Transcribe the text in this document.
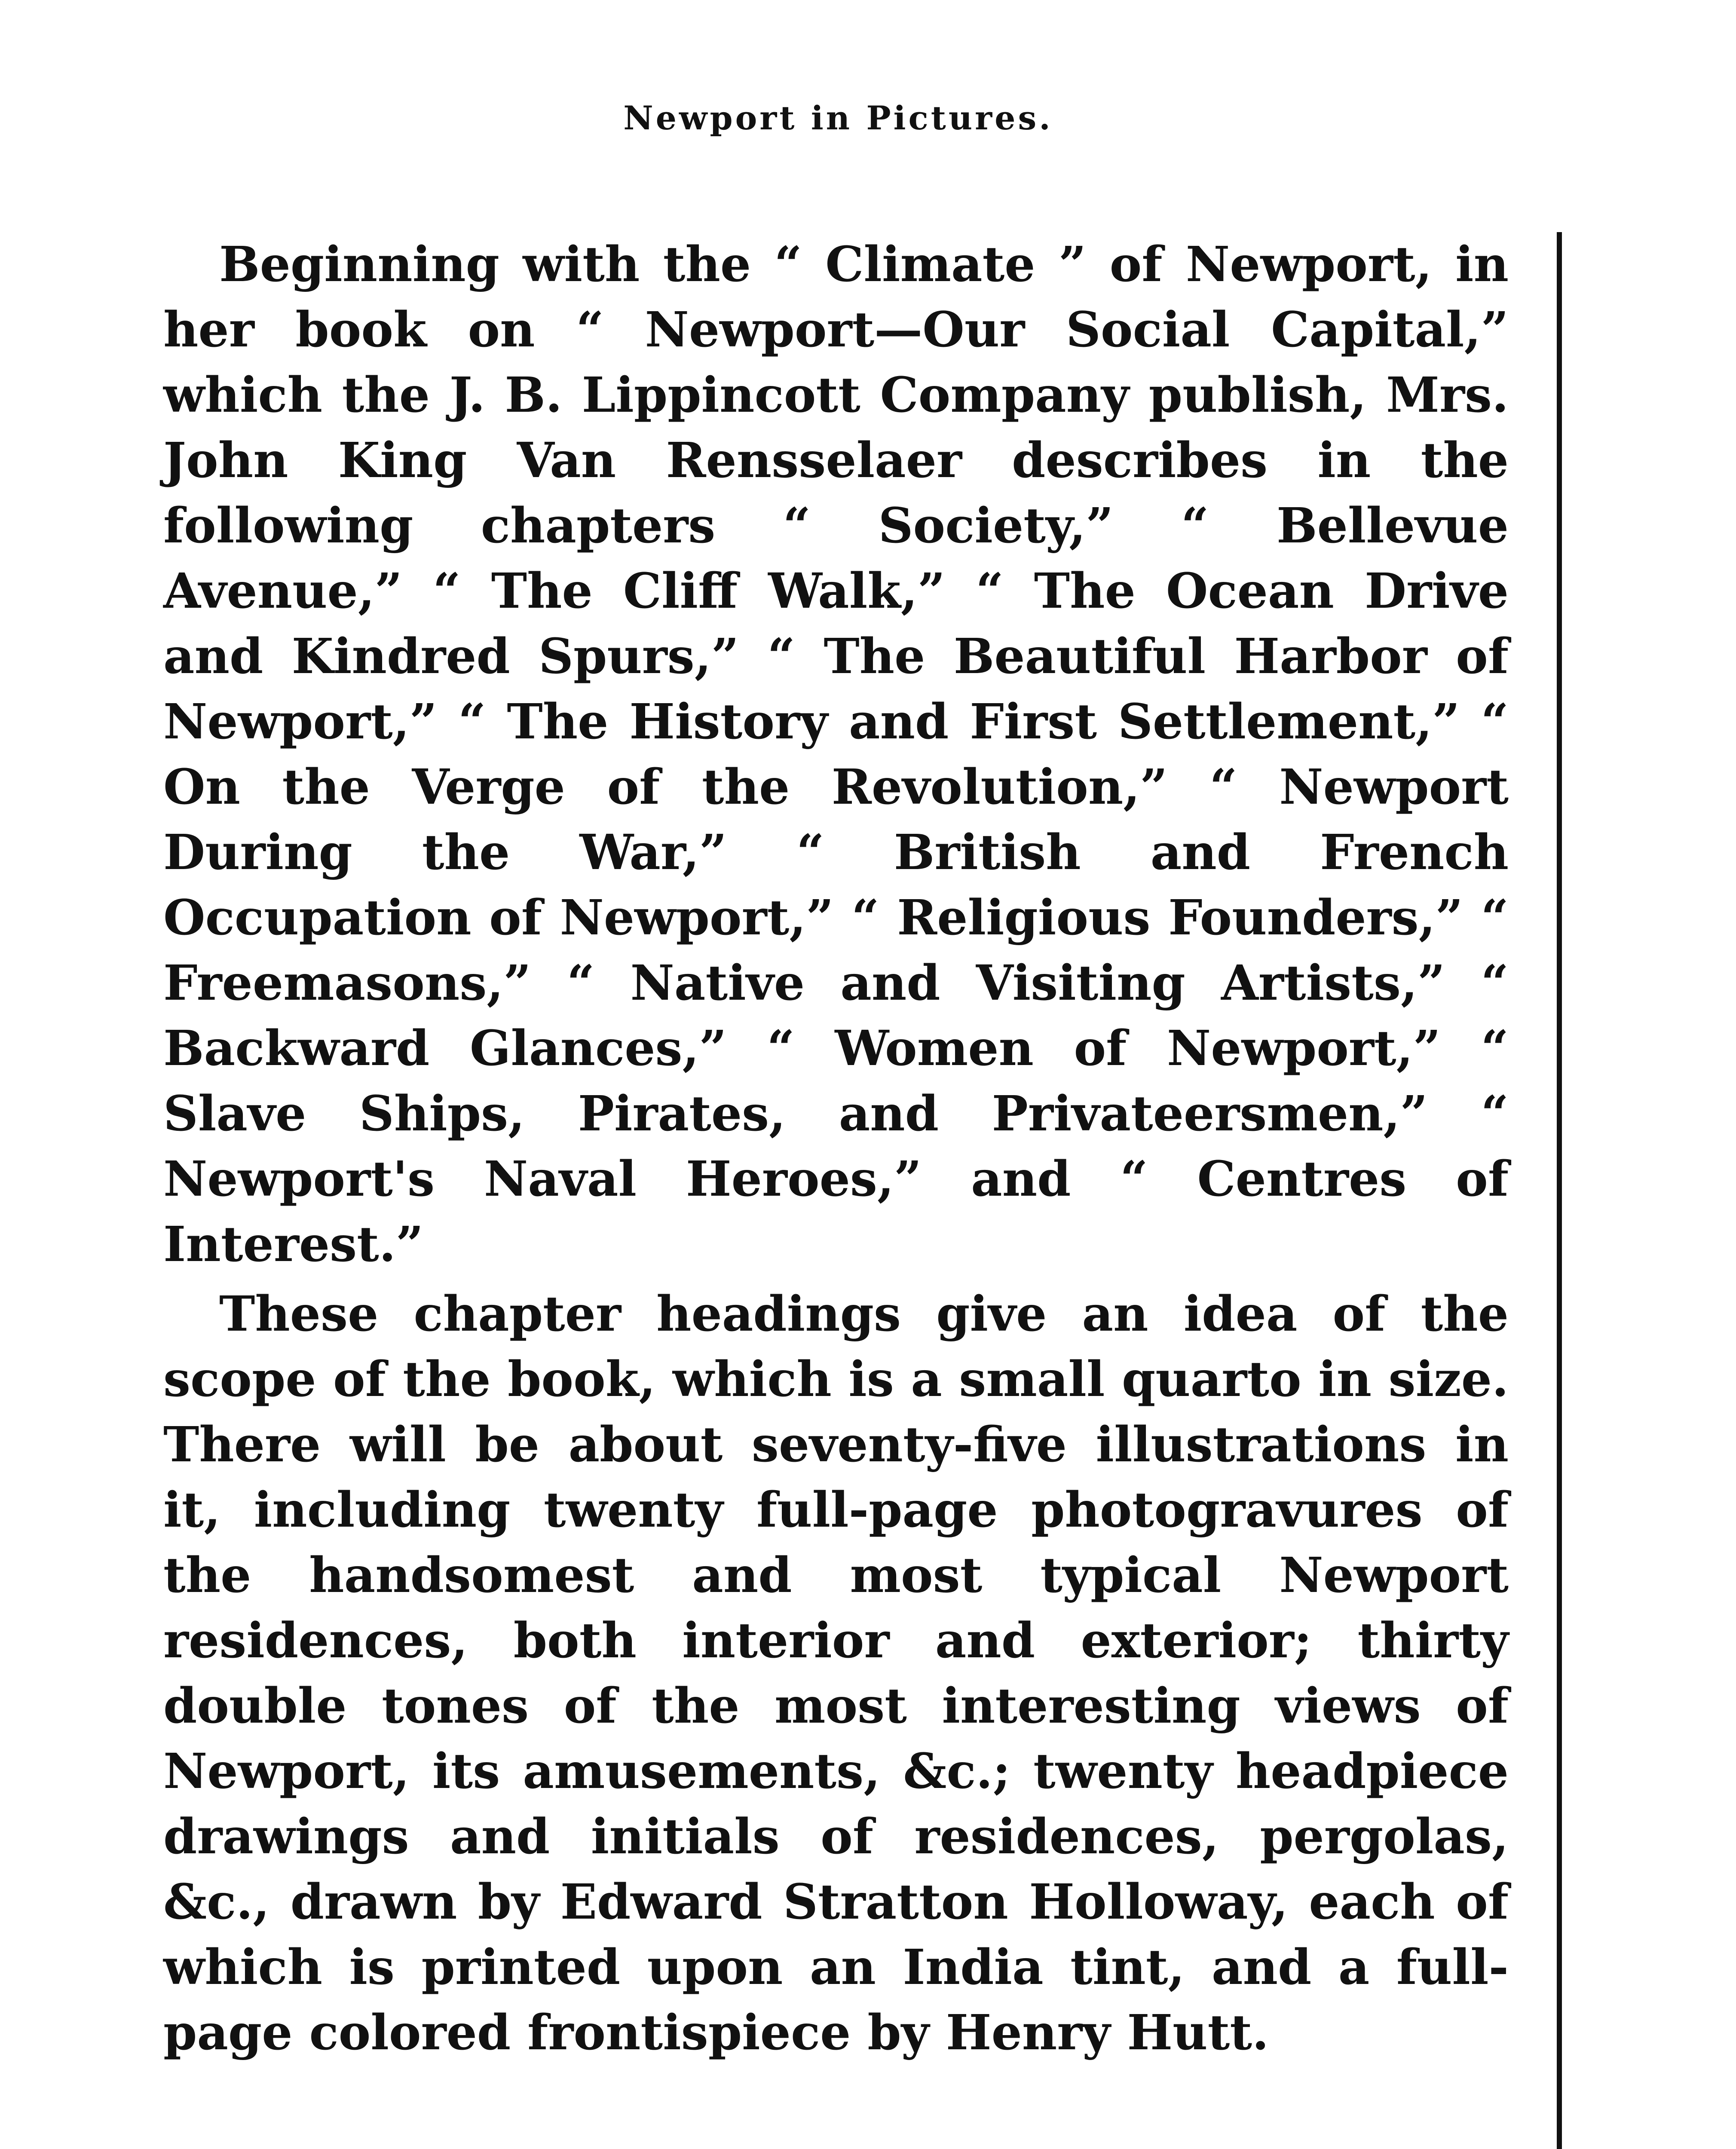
Newport in Pictures.

Beginning with the “ Climate ” of Newport, in her book on “ Newport—Our Social Capital,” which the J. B. Lippincott Company publish, Mrs. John King Van Rensselaer describes in the following chapters “ Society,” “ Bellevue Avenue,” “ The Cliff Walk,” “ The Ocean Drive and Kindred Spurs,” “ The Beautiful Harbor of Newport,” “ The History and First Settlement,” “ On the Verge of the Revolution,” “ Newport During the War,” “ British and French Occupation of Newport,” “ Religious Founders,” “ Freemasons,” “ Native and Visiting Artists,” “ Backward Glances,” “ Women of Newport,” “ Slave Ships, Pirates, and Privateersmen,” “ Newport's Naval Heroes,” and “ Centres of Interest.”

These chapter headings give an idea of the scope of the book, which is a small quarto in size. There will be about seventy-five illustrations in it, including twenty full-page photogravures of the handsomest and most typical Newport residences, both interior and exterior; thirty double tones of the most interesting views of Newport, its amusements, &c.; twenty headpiece drawings and initials of residences, pergolas, &c., drawn by Edward Stratton Holloway, each of which is printed upon an India tint, and a full-page colored frontispiece by Henry Hutt.
